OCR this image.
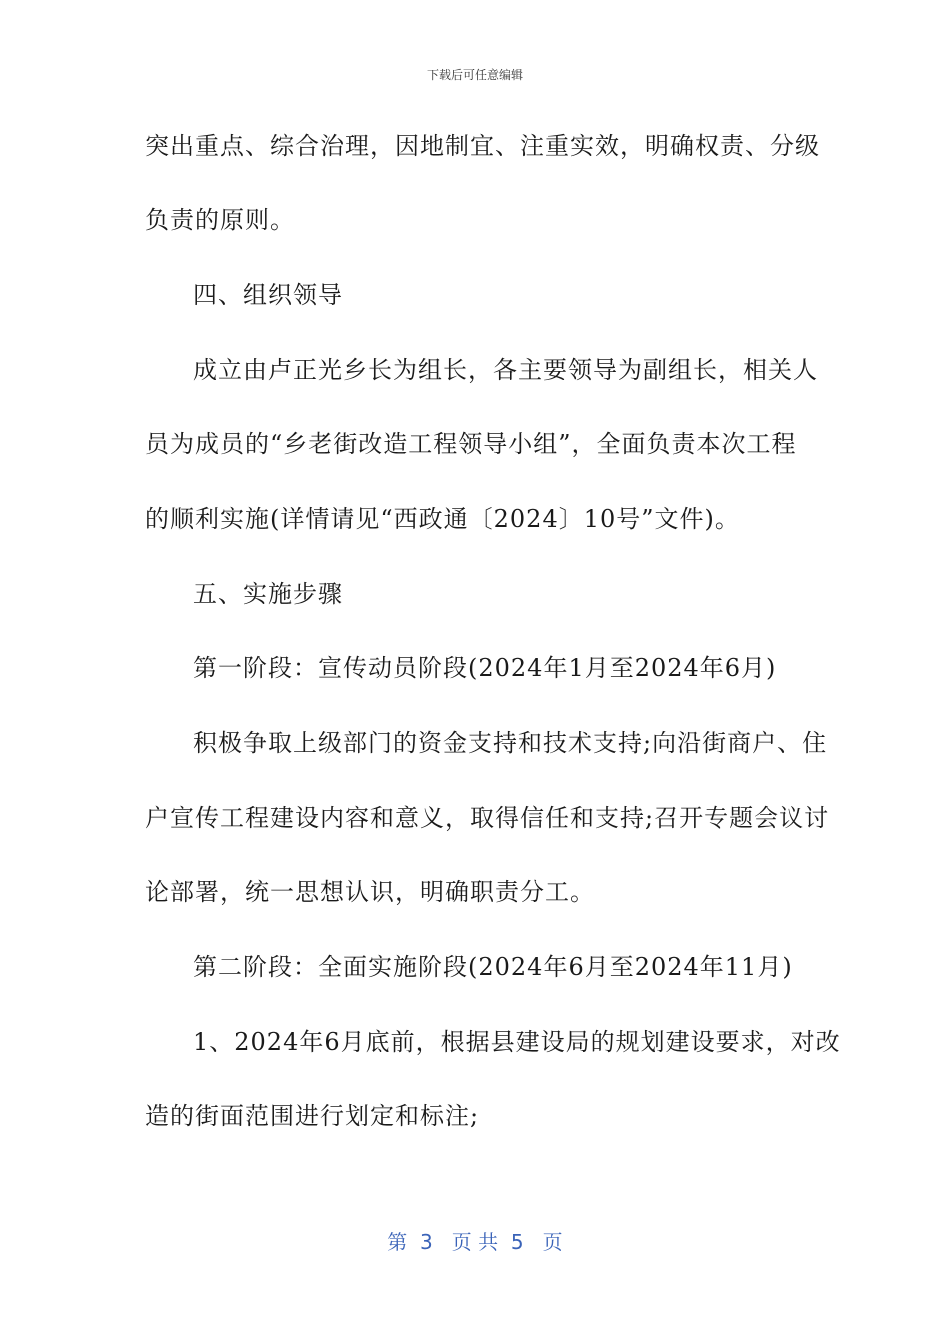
下载后可任意编辑
突出重点、综合治理，因地制宜、注重实效，明确权责、分级
负责的原则。
四、组织领导
成立由卢正光乡长为组长，各主要领导为副组长，相关人
员为成员的“乡老街改造工程领导小组”，全面负责本次工程
的顺利实施(详情请见“西政通〔2024〕10号”文件)。
五、实施步骤
第一阶段：宣传动员阶段(2024年1月至2024年6月)
积极争取上级部门的资金支持和技术支持;向沿街商户、住
户宣传工程建设内容和意义，取得信任和支持;召开专题会议讨
论部署，统一思想认识，明确职责分工。
第二阶段：全面实施阶段(2024年6月至2024年11月)
1、2024年6月底前，根据县建设局的规划建设要求，对改
造的街面范围进行划定和标注;
第  3   页 共  5   页
